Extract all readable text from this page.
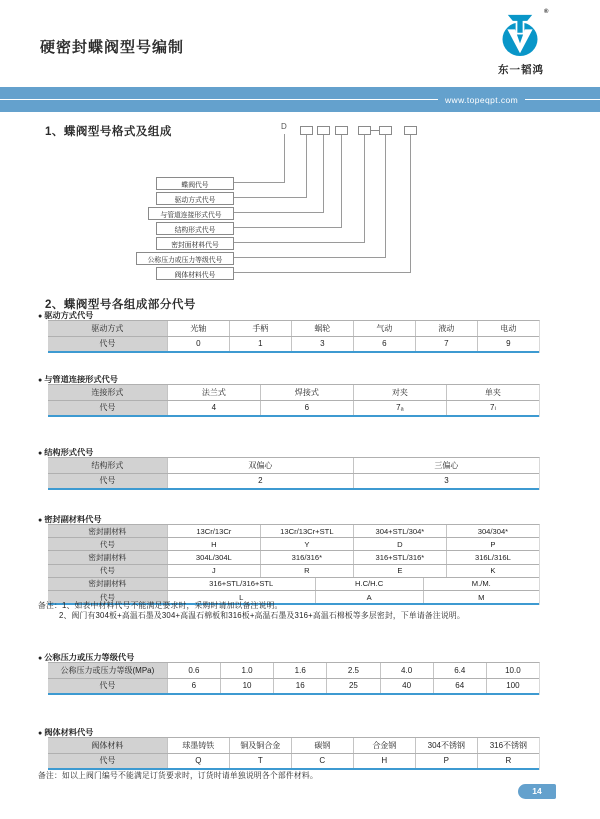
硬密封蝶阀型号编制
®
东一韬鸿
www.topeqpt.com
1、蝶阀型号格式及组成	D
蝶阀代号
驱动方式代号
与管道连接形式代号
结构形式代号
密封面材料代号
公称压力或压力等级代号
阀体材料代号
2、蝶阀型号各组成部分代号
● 驱动方式代号
驱动方式	光轴	手柄	蜗轮	气动	液动	电动
代号	0	1	3	6	7	9
● 与管道连接形式代号
连接形式	法兰式	焊接式	对夹	单夹
代号	4	6	7ₐ	7ₗ
● 结构形式代号
结构形式	双偏心	三偏心
代号	2	3
● 密封副材料代号
密封副材料	13Cr/13Cr	13Cr/13Cr+STL	304+STL/304*	304/304*
代号	H	Y	D	P
密封副材料	304L/304L	316/316*	316+STL/316*	316L/316L
代号	J	R	E	K
密封副材料	316+STL/316+STL	H.C/H.C	M./M.
代号	L	A	M
备注：1、如表中材料代号不能满足要求时，采购时请加以备注说明。
2、阀门有304板+高温石墨及304+高温石棉板和316板+高温石墨及316+高温石棉板等多层密封，下单请备注说明。
● 公称压力或压力等级代号
公称压力或压力等级(MPa)	0.6	1.0	1.6	2.5	4.0	6.4	10.0
代号	6	10	16	25	40	64	100
● 阀体材料代号
阀体材料	球墨铸铁	铜及铜合金	碳钢	合金钢	304不锈钢	316不锈钢
代号	Q	T	C	H	P	R
备注：如以上阀门编号不能满足订货要求时，订货时请单独说明各个部件材料。
14
